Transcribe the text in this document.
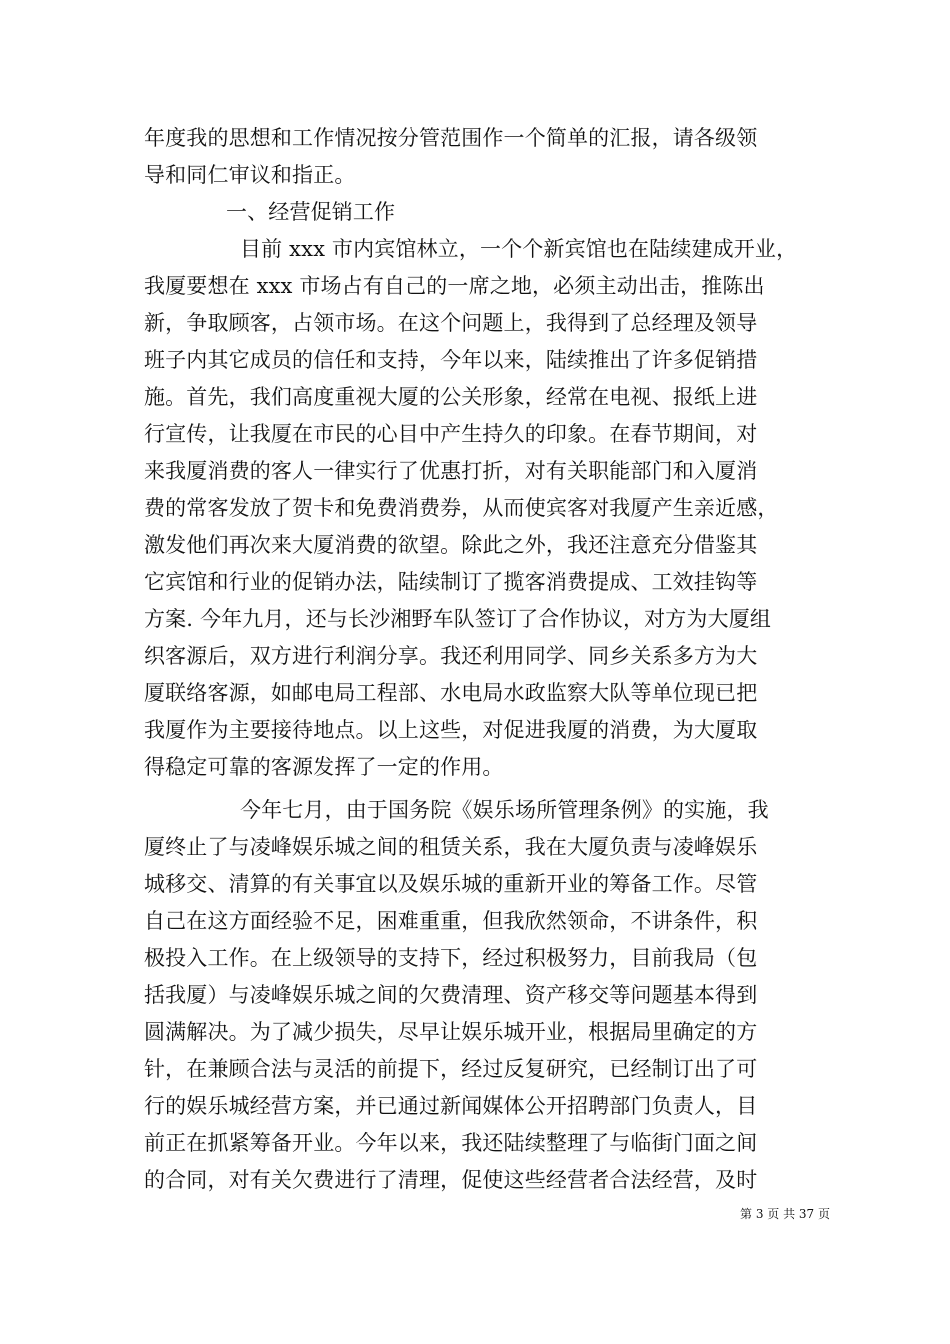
年度我的思想和工作情况按分管范围作一个简单的汇报，请各级领
导和同仁审议和指正。
一、经营促销工作
目前 xxx 市内宾馆林立，一个个新宾馆也在陆续建成开业，
我厦要想在 xxx 市场占有自己的一席之地，必须主动出击，推陈出
新，争取顾客，占领市场。在这个问题上，我得到了总经理及领导
班子内其它成员的信任和支持，今年以来，陆续推出了许多促销措
施。首先，我们高度重视大厦的公关形象，经常在电视、报纸上进
行宣传，让我厦在市民的心目中产生持久的印象。在春节期间，对
来我厦消费的客人一律实行了优惠打折，对有关职能部门和入厦消
费的常客发放了贺卡和免费消费券，从而使宾客对我厦产生亲近感，
激发他们再次来大厦消费的欲望。除此之外，我还注意充分借鉴其
它宾馆和行业的促销办法，陆续制订了揽客消费提成、工效挂钩等
方案. 今年九月，还与长沙湘野车队签订了合作协议，对方为大厦组
织客源后，双方进行利润分享。我还利用同学、同乡关系多方为大
厦联络客源，如邮电局工程部、水电局水政监察大队等单位现已把
我厦作为主要接待地点。以上这些，对促进我厦的消费，为大厦取
得稳定可靠的客源发挥了一定的作用。
今年七月，由于国务院《娱乐场所管理条例》的实施，我
厦终止了与凌峰娱乐城之间的租赁关系，我在大厦负责与凌峰娱乐
城移交、清算的有关事宜以及娱乐城的重新开业的筹备工作。尽管
自己在这方面经验不足，困难重重，但我欣然领命，不讲条件，积
极投入工作。在上级领导的支持下，经过积极努力，目前我局（包
括我厦）与凌峰娱乐城之间的欠费清理、资产移交等问题基本得到
圆满解决。为了减少损失，尽早让娱乐城开业，根据局里确定的方
针，在兼顾合法与灵活的前提下，经过反复研究，已经制订出了可
行的娱乐城经营方案，并已通过新闻媒体公开招聘部门负责人，目
前正在抓紧筹备开业。今年以来，我还陆续整理了与临街门面之间
的合同，对有关欠费进行了清理，促使这些经营者合法经营，及时
第 3 页 共 37 页
